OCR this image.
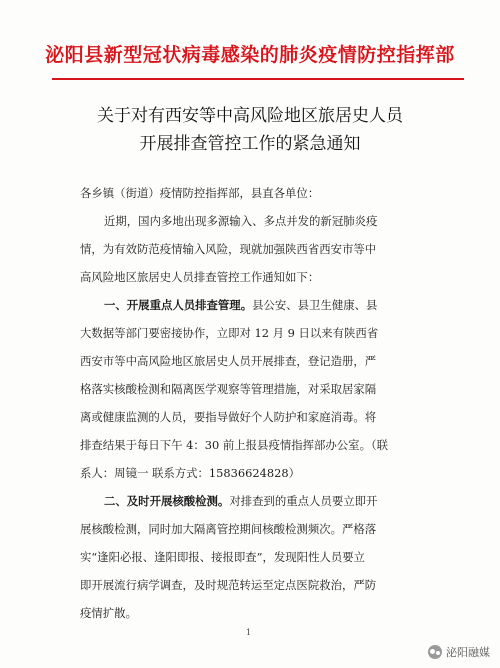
泌阳县新型冠状病毒感染的肺炎疫情防控指挥部
关于对有西安等中高风险地区旅居史人员
开展排查管控工作的紧急通知
各乡镇（街道）疫情防控指挥部，县直各单位：
近期，国内多地出现多源输入、多点并发的新冠肺炎疫
情，为有效防范疫情输入风险，现就加强陕西省西安市等中
高风险地区旅居史人员排查管控工作通知如下：
一、开展重点人员排查管理。县公安、县卫生健康、县
大数据等部门要密接协作，立即对 12 月 9 日以来有陕西省
西安市等中高风险地区旅居史人员开展排查，登记造册，严
格落实核酸检测和隔离医学观察等管理措施，对采取居家隔
离或健康监测的人员，要指导做好个人防护和家庭消毒。将
排查结果于每日下午 4：30 前上报县疫情指挥部办公室。（联
系人：周镜一 联系方式：15836624828）
二、及时开展核酸检测。对排查到的重点人员要立即开
展核酸检测，同时加大隔离管控期间核酸检测频次。严格落
实“逢阳必报、逢阳即报、接报即查”，发现阳性人员要立
即开展流行病学调查，及时规范转运至定点医院救治，严防
疫情扩散。
1
泌阳融媒
